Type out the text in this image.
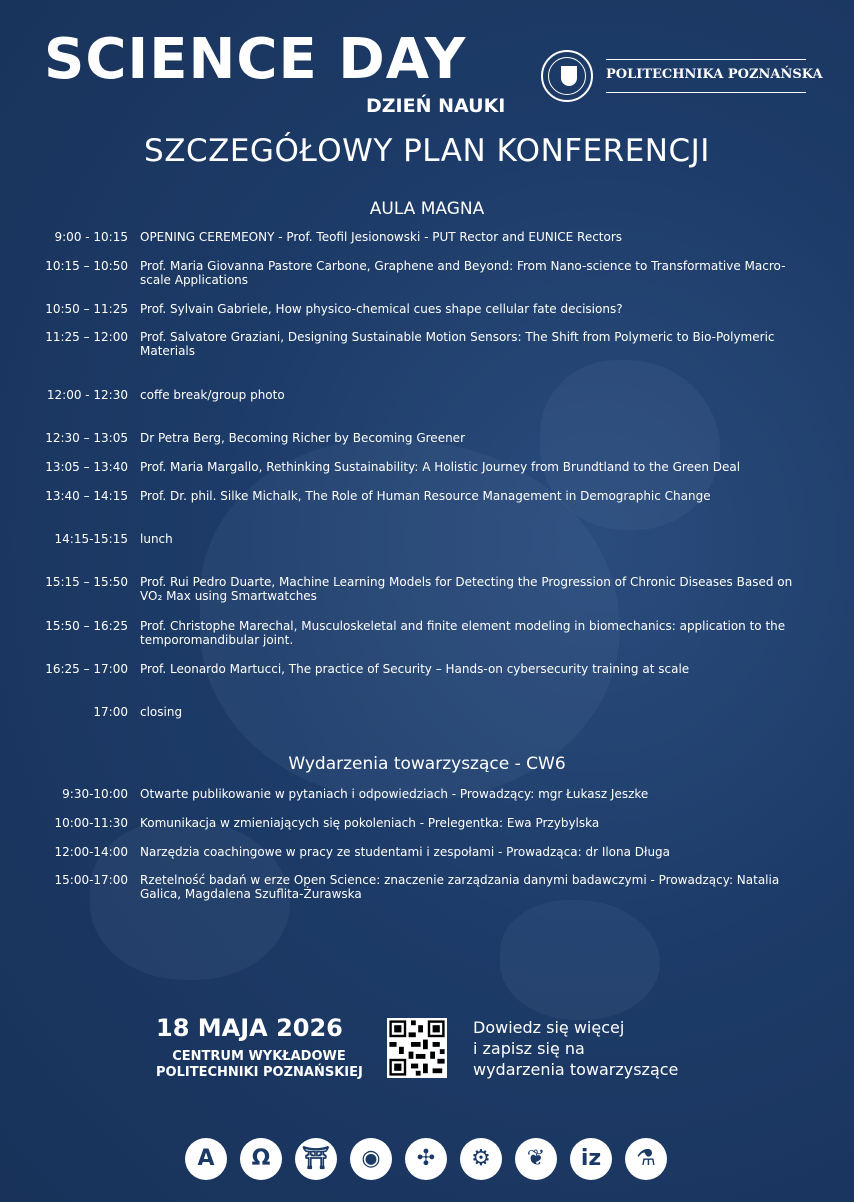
SCIENCE DAY
DZIEŃ NAUKI
POLITECHNIKA POZNAŃSKA
SZCZEGÓŁOWY PLAN KONFERENCJI
AULA MAGNA
9:00 - 10:15 OPENING CEREMEONY - Prof. Teofil Jesionowski - PUT Rector and EUNICE Rectors
10:15 – 10:50 Prof. Maria Giovanna Pastore Carbone, Graphene and Beyond: From Nano-science to Transformative Macro-scale Applications
10:50 – 11:25 Prof. Sylvain Gabriele, How physico-chemical cues shape cellular fate decisions?
11:25 – 12:00 Prof. Salvatore Graziani, Designing Sustainable Motion Sensors: The Shift from Polymeric to Bio-Polymeric Materials
12:00 - 12:30 coffe break/group photo
12:30 – 13:05 Dr Petra Berg, Becoming Richer by Becoming Greener
13:05 – 13:40 Prof. Maria Margallo, Rethinking Sustainability: A Holistic Journey from Brundtland to the Green Deal
13:40 – 14:15 Prof. Dr. phil. Silke Michalk, The Role of Human Resource Management in Demographic Change
14:15-15:15 lunch
15:15 – 15:50 Prof. Rui Pedro Duarte, Machine Learning Models for Detecting the Progression of Chronic Diseases Based on VO₂ Max using Smartwatches
15:50 – 16:25 Prof. Christophe Marechal, Musculoskeletal and finite element modeling in biomechanics: application to the temporomandibular joint.
16:25 – 17:00 Prof. Leonardo Martucci, The practice of Security – Hands-on cybersecurity training at scale
17:00 closing
Wydarzenia towarzyszące - CW6
9:30-10:00 Otwarte publikowanie w pytaniach i odpowiedziach - Prowadzący: mgr Łukasz Jeszke
10:00-11:30 Komunikacja w zmieniających się pokoleniach - Prelegentka: Ewa Przybylska
12:00-14:00 Narzędzia coachingowe w pracy ze studentami i zespołami - Prowadząca: dr Ilona Długa
15:00-17:00 Rzetelność badań w erze Open Science: znaczenie zarządzania danymi badawczymi - Prowadzący: Natalia Galica, Magdalena Szuflita-Żurawska
18 MAJA 2026
CENTRUM WYKŁADOWE
POLITECHNIKI POZNAŃSKIEJ
Dowiedz się więcej
i zapisz się na
wydarzenia towarzyszące
A	Ω	⛩	◉	✣	⚙	❦	iz	⚗
